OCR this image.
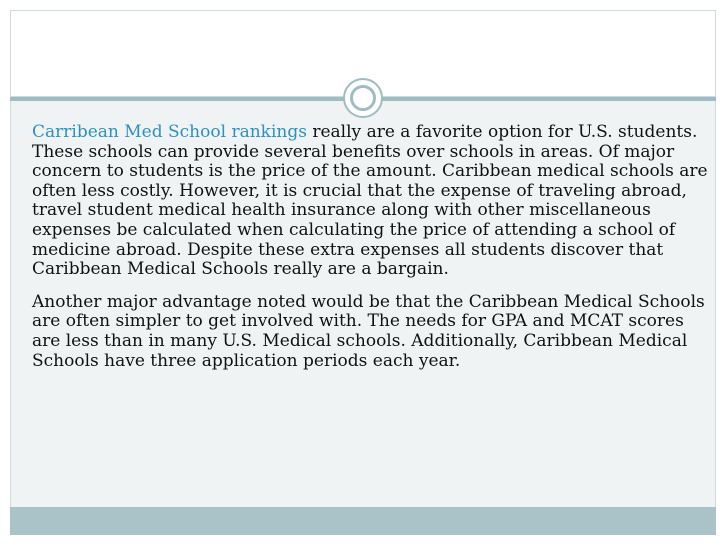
Carribean Med School rankings really are a favorite option for U.S. students. These schools can provide several benefits over schools in areas. Of major concern to students is the price of the amount. Caribbean medical schools are often less costly. However, it is crucial that the expense of traveling abroad, travel student medical health insurance along with other miscellaneous expenses be calculated when calculating the price of attending a school of medicine abroad. Despite these extra expenses all students discover that Caribbean Medical Schools really are a bargain.

Another major advantage noted would be that the Caribbean Medical Schools are often simpler to get involved with. The needs for GPA and MCAT scores are less than in many U.S. Medical schools. Additionally, Caribbean Medical Schools have three application periods each year.
